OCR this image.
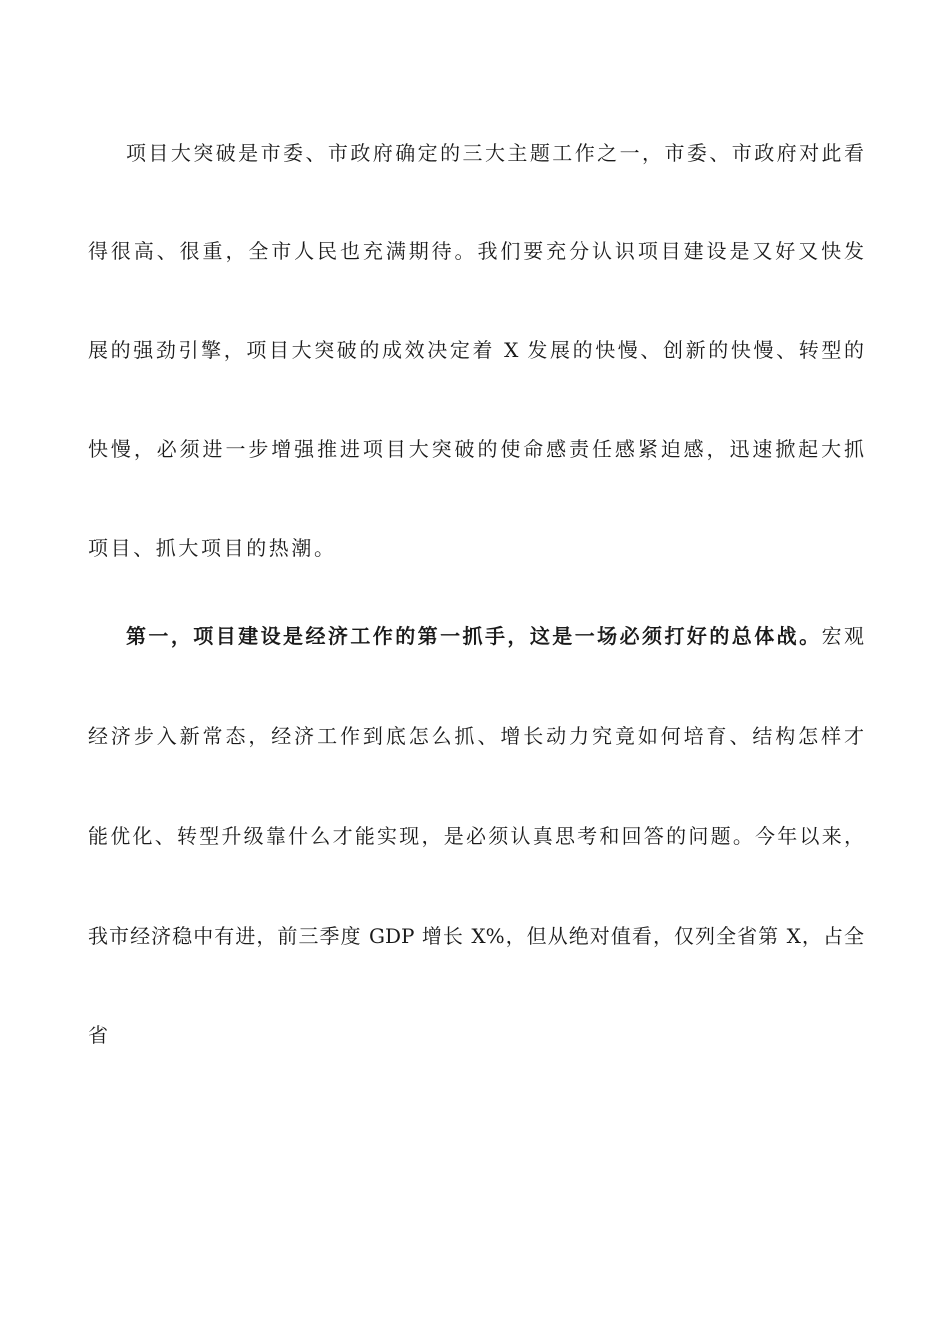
项目大突破是市委、市政府确定的三大主题工作之一，市委、市政府对此看

得很高、很重，全市人民也充满期待。我们要充分认识项目建设是又好又快发

展的强劲引擎，项目大突破的成效决定着 X 发展的快慢、创新的快慢、转型的

快慢，必须进一步增强推进项目大突破的使命感责任感紧迫感，迅速掀起大抓

项目、抓大项目的热潮。

第一，项目建设是经济工作的第一抓手，这是一场必须打好的总体战。宏观

经济步入新常态，经济工作到底怎么抓、增长动力究竟如何培育、结构怎样才

能优化、转型升级靠什么才能实现，是必须认真思考和回答的问题。今年以来，

我市经济稳中有进，前三季度 GDP 增长 X%，但从绝对值看，仅列全省第 X，占全

省
